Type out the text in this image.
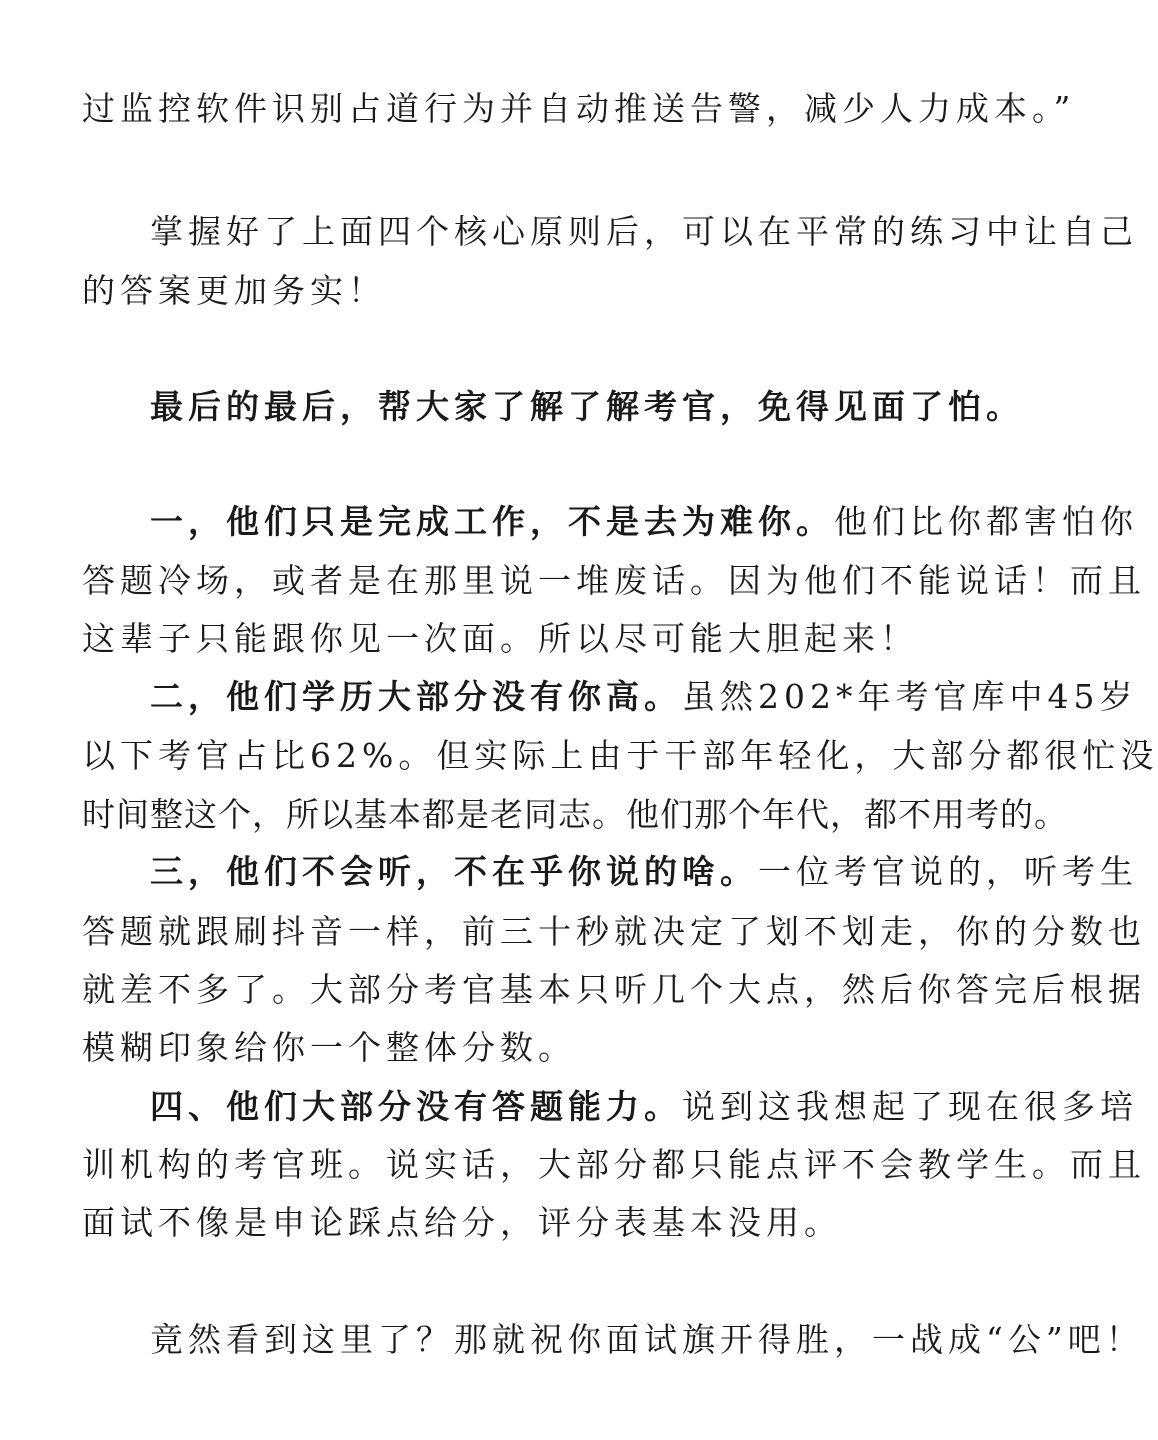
过监控软件识别占道行为并自动推送告警，减少人力成本。”
掌握好了上面四个核心原则后，可以在平常的练习中让自己
的答案更加务实！
最后的最后，帮大家了解了解考官，免得见面了怕。
一，他们只是完成工作，不是去为难你。他们比你都害怕你
答题冷场，或者是在那里说一堆废话。因为他们不能说话！而且
这辈子只能跟你见一次面。所以尽可能大胆起来！
二，他们学历大部分没有你高。虽然202*年考官库中45岁
以下考官占比62%。但实际上由于干部年轻化，大部分都很忙没
时间整这个，所以基本都是老同志。他们那个年代，都不用考的。
三，他们不会听，不在乎你说的啥。一位考官说的，听考生
答题就跟刷抖音一样，前三十秒就决定了划不划走，你的分数也
就差不多了。大部分考官基本只听几个大点，然后你答完后根据
模糊印象给你一个整体分数。
四、他们大部分没有答题能力。说到这我想起了现在很多培
训机构的考官班。说实话，大部分都只能点评不会教学生。而且
面试不像是申论踩点给分，评分表基本没用。
竟然看到这里了？那就祝你面试旗开得胜，一战成“公”吧！
